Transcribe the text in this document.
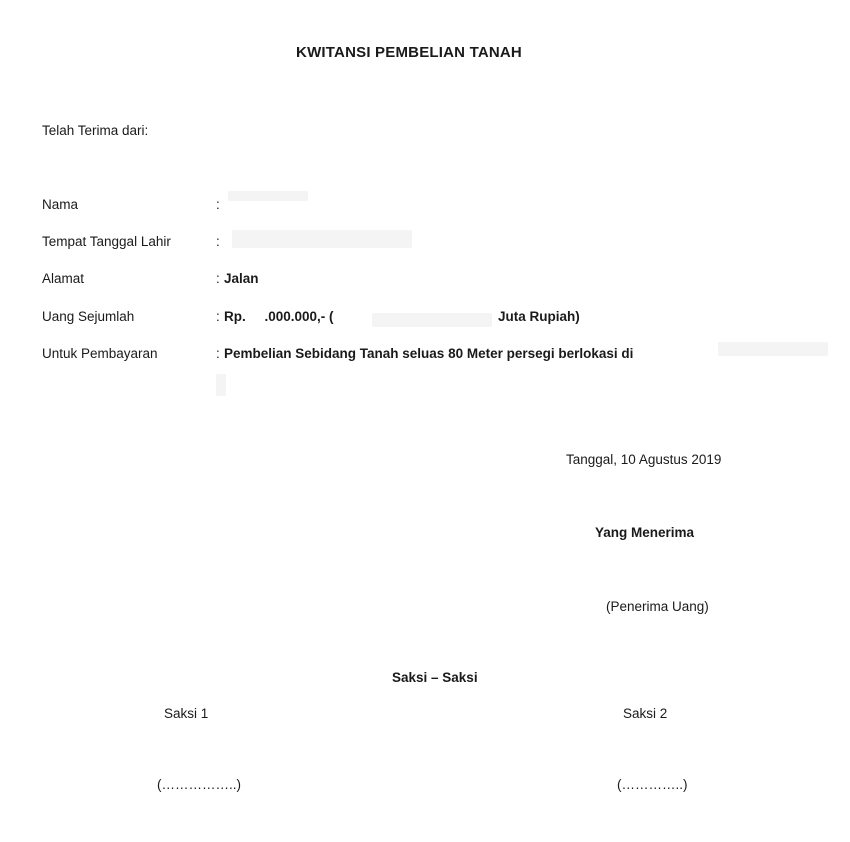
KWITANSI PEMBELIAN TANAH
Telah Terima dari:
Nama	:
Tempat Tanggal Lahir	:
Alamat	: Jalan
Uang Sejumlah	: Rp.     .000.000,- (	Juta Rupiah)
Untuk Pembayaran	: Pembelian Sebidang Tanah seluas 80 Meter persegi berlokasi di
Tanggal, 10 Agustus 2019
Yang Menerima
(Penerima Uang)
Saksi – Saksi
Saksi 1	Saksi 2
(……………..)	(…………..)
